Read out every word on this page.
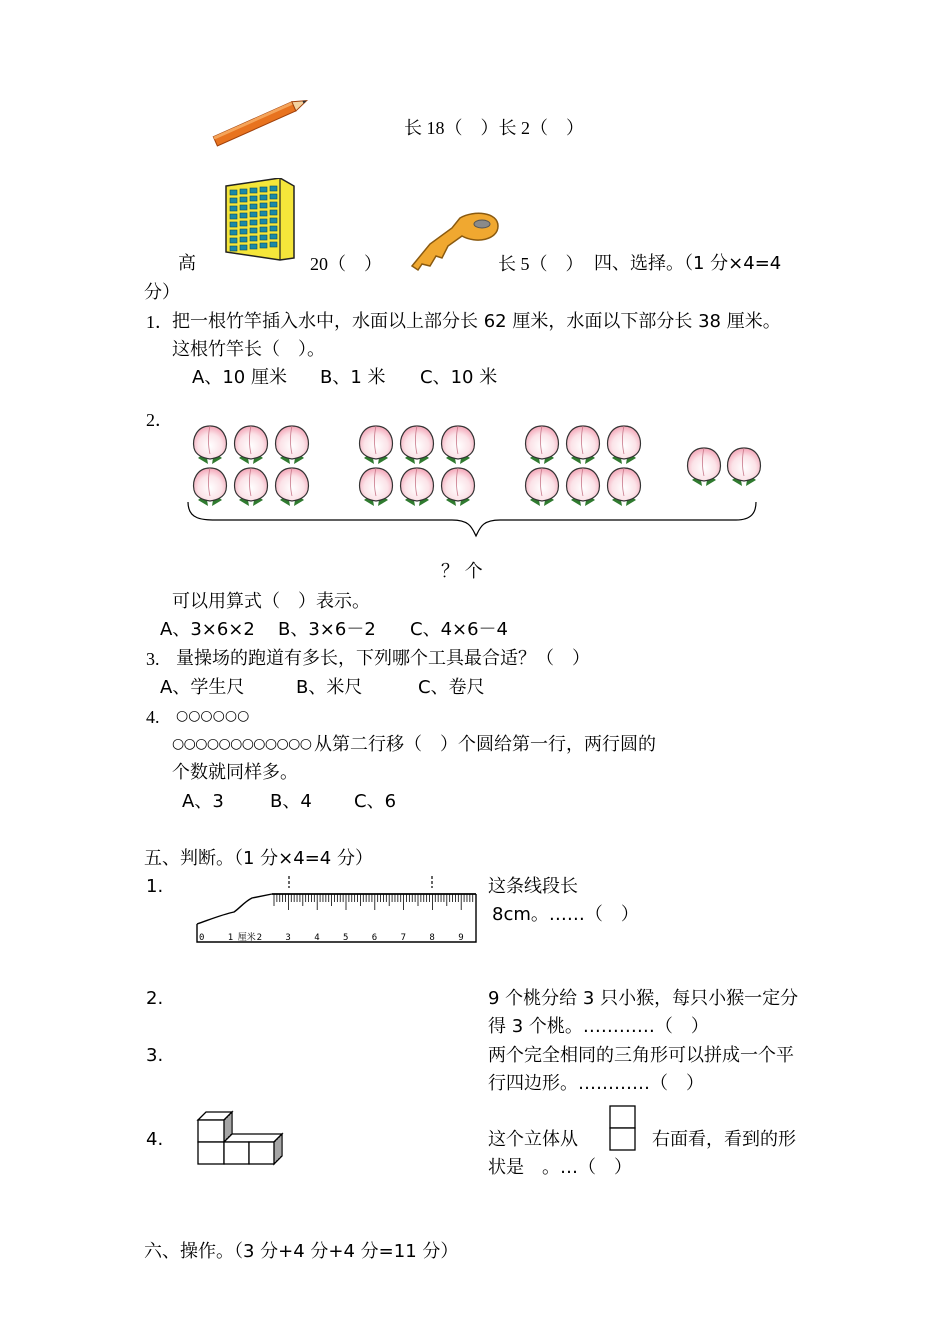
长 18（　）长 2（　）
高	20（　）	长 5（　） 四、选择。（1 分×4=4
分）
1． 把一根竹竿插入水中，水面以上部分长 62 厘米，水面以下部分长 38 厘米。
这根竹竿长（　）。
A、10 厘米 B、1 米 C、10 米
2．
？ 个
可以用算式（　）表示。
A、3×6×2 B、3×6－2 C、4×6－4
3. 量操场的跑道有多长，下列哪个工具最合适？（　）
A、学生尺	B、米尺	C、卷尺
4. ○○○○○○
○○○○○○○○○○○○ 从第二行移（　）个圆给第一行，两行圆的
个数就同样多。
A、3	B、4 C、6
五、判断。（1 分×4=4 分）
1.
0	1 厘米 2	3	4	5	6	7	8	9
这条线段长
8cm。……（　）
2.	9 个桃分给 3 只小猴，每只小猴一定分
得 3 个桃。…………（　）
3.	两个完全相同的三角形可以拼成一个平
行四边形。…………（　）
4.	这个立体从	右面看，看到的形
状是　。…（　）
六、操作。（3 分+4 分+4 分=11 分）
